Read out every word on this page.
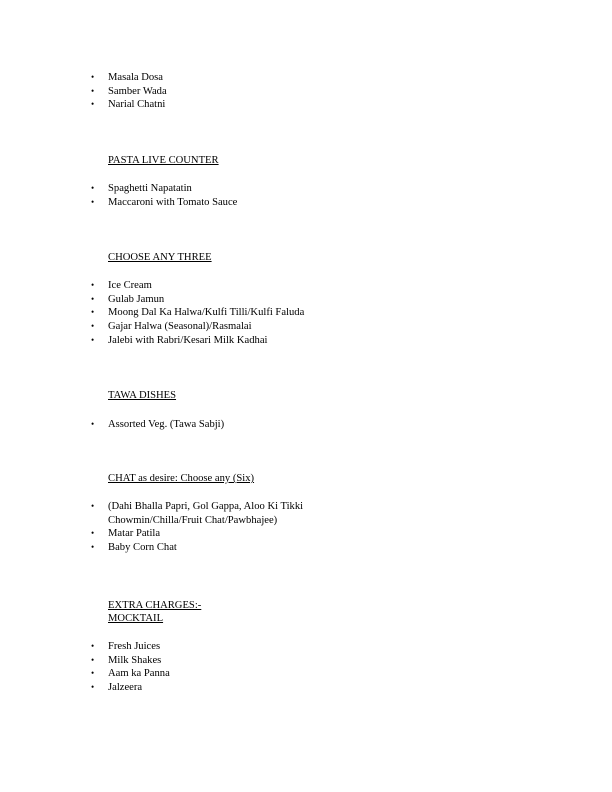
• Masala Dosa
• Samber Wada
• Narial Chatni
PASTA LIVE COUNTER
• Spaghetti Napatatin
• Maccaroni with Tomato Sauce
CHOOSE ANY THREE
• Ice Cream
• Gulab Jamun
• Moong Dal Ka Halwa/Kulfi Tilli/Kulfi Faluda
• Gajar Halwa (Seasonal)/Rasmalai
• Jalebi with Rabri/Kesari Milk Kadhai
TAWA DISHES
• Assorted Veg. (Tawa Sabji)
CHAT as desire: Choose any (Six)
• (Dahi Bhalla Papri, Gol Gappa, Aloo Ki Tikki Chowmin/Chilla/Fruit Chat/Pawbhajee)
• Matar Patila
• Baby Corn Chat
EXTRA CHARGES:-
MOCKTAIL
• Fresh Juices
• Milk Shakes
• Aam ka Panna
• Jalzeera
